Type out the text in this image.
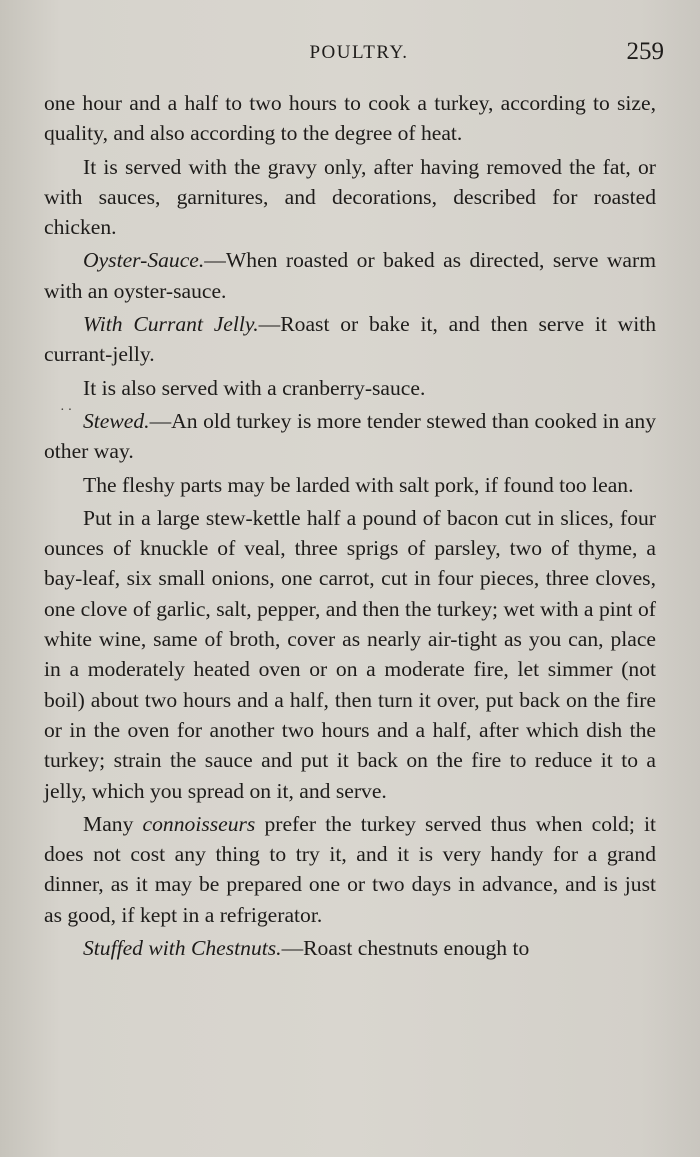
POULTRY.	259
··

one hour and a half to two hours to cook a turkey, according to size, quality, and also according to the degree of heat.

It is served with the gravy only, after having removed the fat, or with sauces, garnitures, and decorations, described for roasted chicken.

Oyster-Sauce.—When roasted or baked as directed, serve warm with an oyster-sauce.

With Currant Jelly.—Roast or bake it, and then serve it with currant-jelly.

It is also served with a cranberry-sauce.

Stewed.—An old turkey is more tender stewed than cooked in any other way.

The fleshy parts may be larded with salt pork, if found too lean.

Put in a large stew-kettle half a pound of bacon cut in slices, four ounces of knuckle of veal, three sprigs of parsley, two of thyme, a bay-leaf, six small onions, one carrot, cut in four pieces, three cloves, one clove of garlic, salt, pepper, and then the turkey; wet with a pint of white wine, same of broth, cover as nearly air-tight as you can, place in a moderately heated oven or on a moderate fire, let simmer (not boil) about two hours and a half, then turn it over, put back on the fire or in the oven for another two hours and a half, after which dish the turkey; strain the sauce and put it back on the fire to reduce it to a jelly, which you spread on it, and serve.

Many connoisseurs prefer the turkey served thus when cold; it does not cost any thing to try it, and it is very handy for a grand dinner, as it may be prepared one or two days in advance, and is just as good, if kept in a refrigerator.

Stuffed with Chestnuts.—Roast chestnuts enough to
